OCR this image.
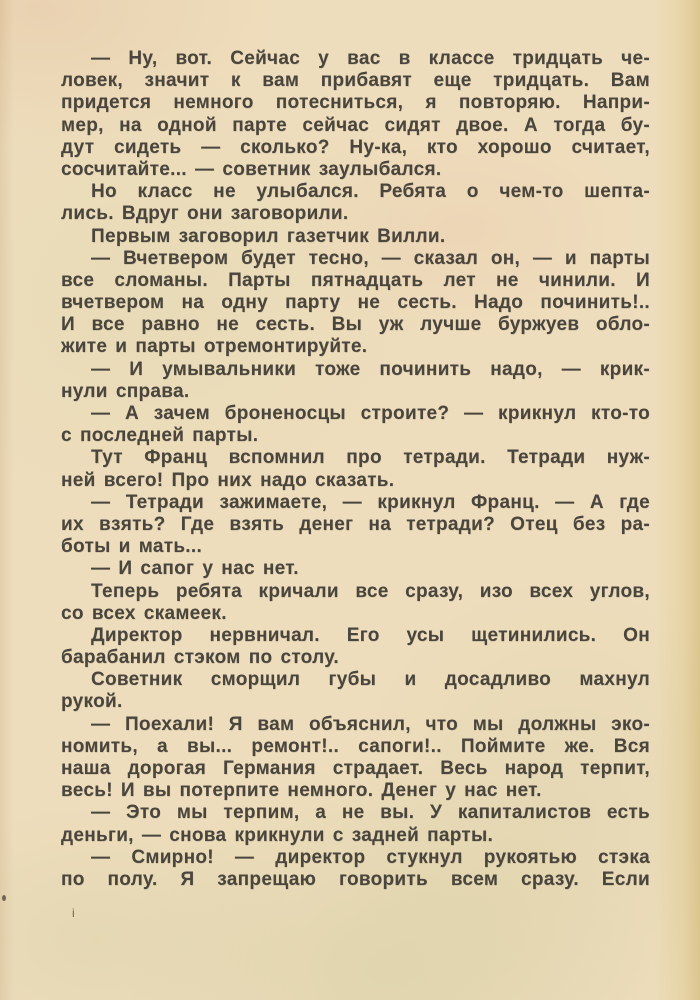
— Ну, вот. Сейчас у вас в классе тридцать че-
ловек, значит к вам прибавят еще тридцать. Вам
придется немного потесниться, я повторяю. Напри-
мер, на одной парте сейчас сидят двое. А тогда бу-
дут сидеть — сколько? Ну-ка, кто хорошо считает,
сосчитайте... — советник заулыбался.
Но класс не улыбался. Ребята о чем-то шепта-
лись. Вдруг они заговорили.
Первым заговорил газетчик Вилли.
— Вчетвером будет тесно, — сказал он, — и парты
все сломаны. Парты пятнадцать лет не чинили. И
вчетвером на одну парту не сесть. Надо починить!..
И все равно не сесть. Вы уж лучше буржуев обло-
жите и парты отремонтируйте.
— И умывальники тоже починить надо, — крик-
нули справа.
— А зачем броненосцы строите? — крикнул кто-то
с последней парты.
Тут Франц вспомнил про тетради. Тетради нуж-
ней всего! Про них надо сказать.
— Тетради зажимаете, — крикнул Франц. — А где
их взять? Где взять денег на тетради? Отец без ра-
боты и мать...
— И сапог у нас нет.
Теперь ребята кричали все сразу, изо всех углов,
со всех скамеек.
Директор нервничал. Его усы щетинились. Он
барабанил стэком по столу.
Советник сморщил губы и досадливо махнул
рукой.
— Поехали! Я вам объяснил, что мы должны эко-
номить, а вы... ремонт!.. сапоги!.. Поймите же. Вся
наша дорогая Германия страдает. Весь народ терпит,
весь! И вы потерпите немного. Денег у нас нет.
— Это мы терпим, а не вы. У капиталистов есть
деньги, — снова крикнули с задней парты.
— Смирно! — директор стукнул рукоятью стэка
по полу. Я запрещаю говорить всем сразу. Если
i
